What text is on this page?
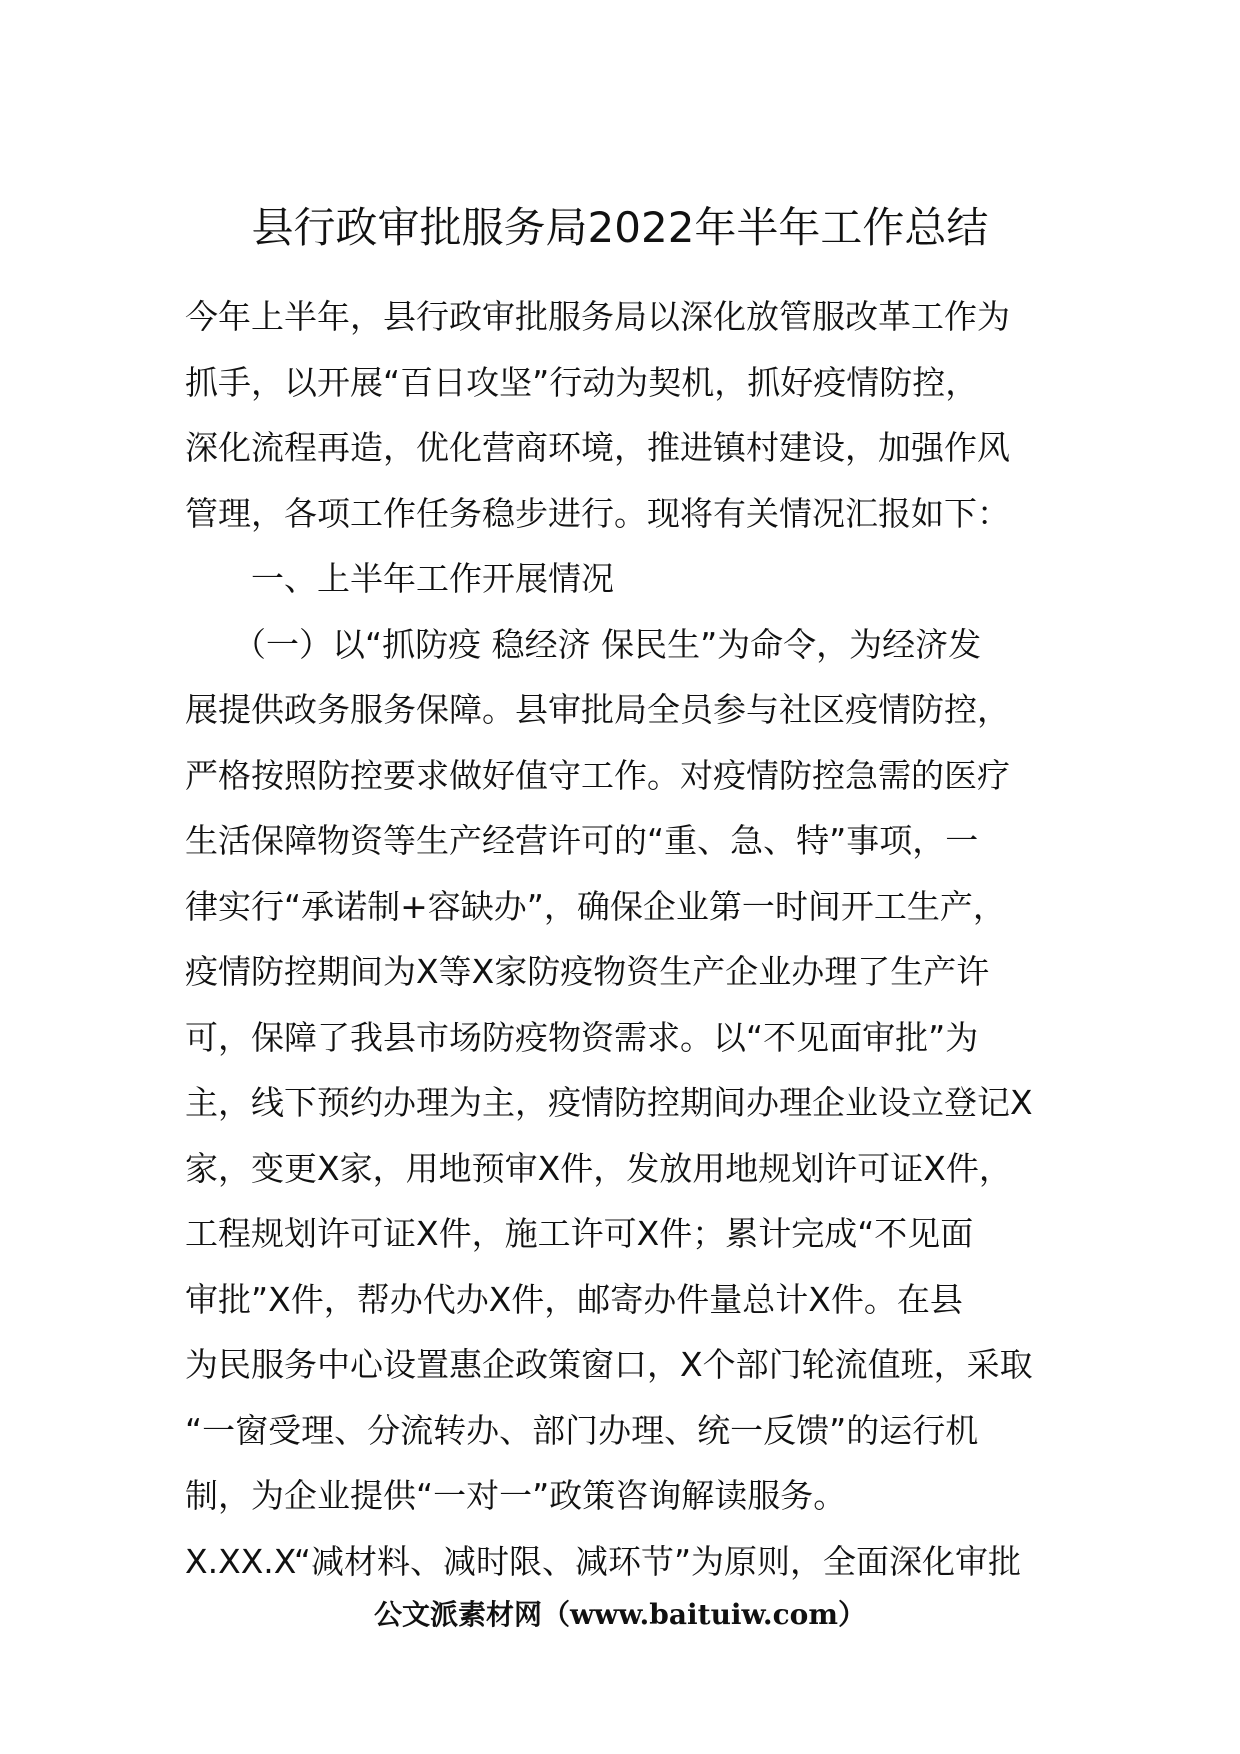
县行政审批服务局2022年半年工作总结
今年上半年，县行政审批服务局以深化放管服改革工作为
抓手，以开展“百日攻坚”行动为契机，抓好疫情防控，
深化流程再造，优化营商环境，推进镇村建设，加强作风
管理，各项工作任务稳步进行。现将有关情况汇报如下：
一、上半年工作开展情况
（一）以“抓防疫 稳经济 保民生”为命令，为经济发
展提供政务服务保障。县审批局全员参与社区疫情防控，
严格按照防控要求做好值守工作。对疫情防控急需的医疗
生活保障物资等生产经营许可的“重、急、特”事项，一
律实行“承诺制+容缺办”，确保企业第一时间开工生产，
疫情防控期间为X等X家防疫物资生产企业办理了生产许
可，保障了我县市场防疫物资需求。以“不见面审批”为
主，线下预约办理为主，疫情防控期间办理企业设立登记X
家，变更X家，用地预审X件，发放用地规划许可证X件，
工程规划许可证X件，施工许可X件；累计完成“不见面
审批”X件，帮办代办X件，邮寄办件量总计X件。在县
为民服务中心设置惠企政策窗口，X个部门轮流值班，采取
“一窗受理、分流转办、部门办理、统一反馈”的运行机
制，为企业提供“一对一”政策咨询解读服务。
X.XX.X“减材料、减时限、减环节”为原则，全面深化审批
公文派素材网（www.baituiw.com）
